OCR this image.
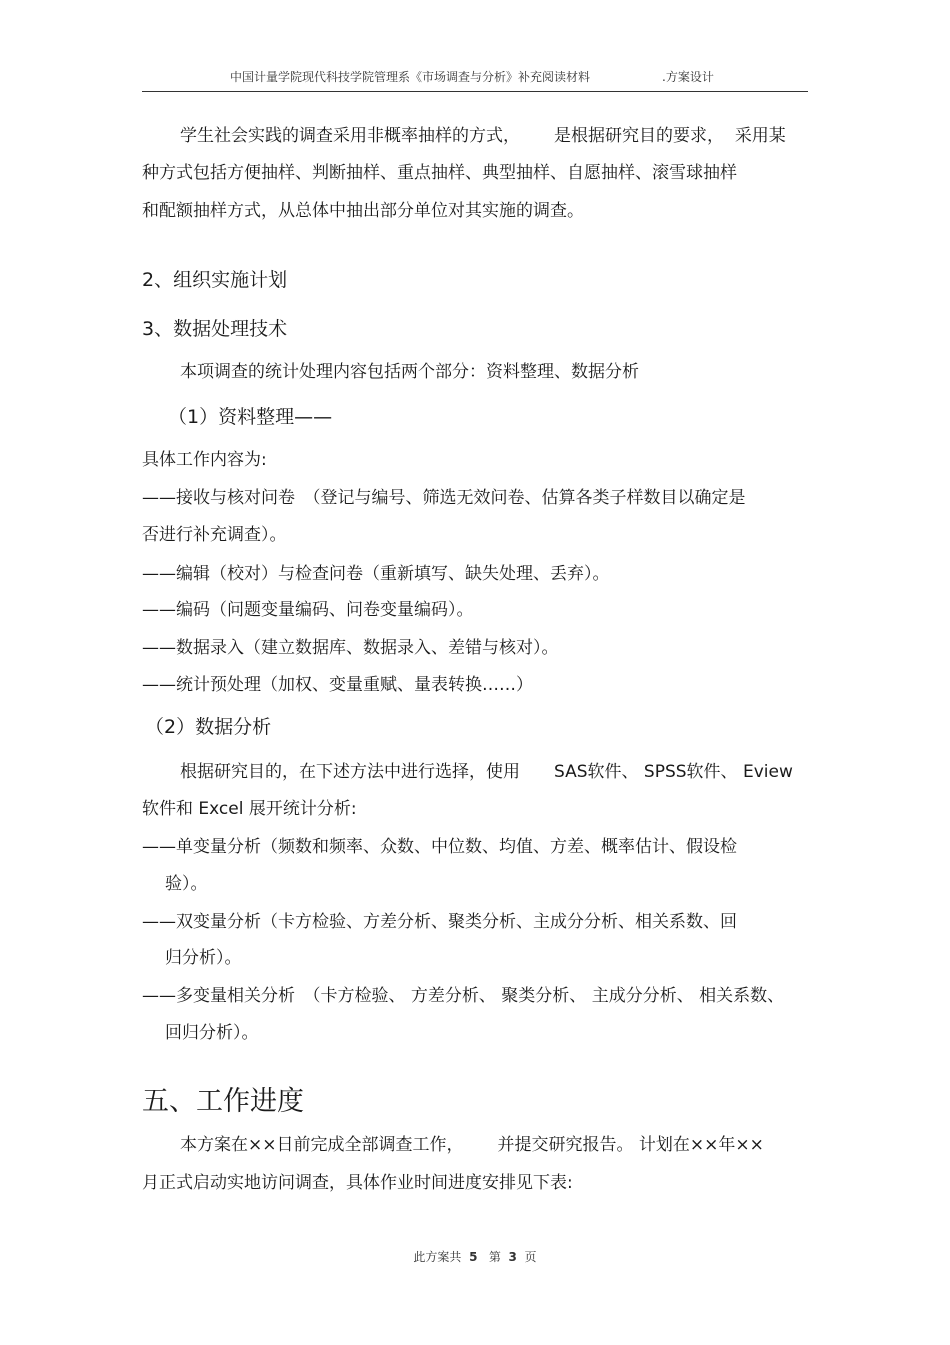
中国计量学院现代科技学院管理系《市场调查与分析》补充阅读材料	.方案设计
学生社会实践的调查采用非概率抽样的方式， 是根据研究目的要求， 采用某
种方式包括方便抽样、判断抽样、重点抽样、典型抽样、自愿抽样、滚雪球抽样
和配额抽样方式，从总体中抽出部分单位对其实施的调查。
2、组织实施计划
3、数据处理技术
本项调查的统计处理内容包括两个部分：资料整理、数据分析
（1）资料整理——
具体工作内容为:
——接收与核对问卷　（登记与编号、筛选无效问卷、估算各类子样数目以确定是
否进行补充调查）。
——编辑（校对）与检查问卷（重新填写、缺失处理、丢弃）。
——编码（问题变量编码、问卷变量编码）。
——数据录入（建立数据库、数据录入、差错与核对）。
——统计预处理（加权、变量重赋、量表转换……）
（2）数据分析
根据研究目的，在下述方法中进行选择，使用　　SAS软件、 SPSS软件、 Eview
软件和 Excel 展开统计分析:
——单变量分析（频数和频率、众数、中位数、均值、方差、概率估计、假设检
验）。
——双变量分析（卡方检验、方差分析、聚类分析、主成分分析、相关系数、回
归分析）。
——多变量相关分析　（卡方检验、 方差分析、 聚类分析、 主成分分析、 相关系数、
回归分析）。
五、工作进度
本方案在××日前完成全部调查工作， 并提交研究报告。 计划在××年××
月正式启动实地访问调查，具体作业时间进度安排见下表:
此方案共 5 第 3 页
